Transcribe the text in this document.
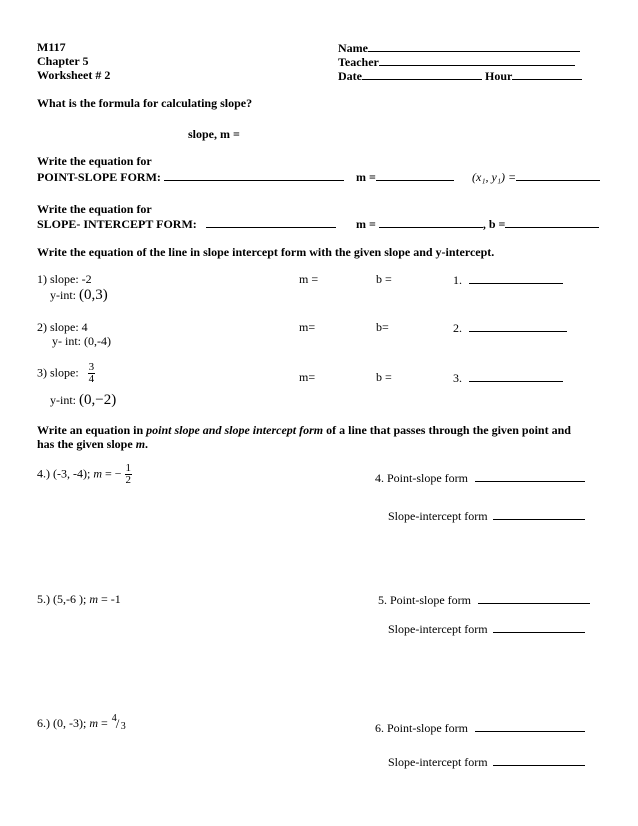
M117
Chapter 5
Worksheet # 2
Name
Teacher
Date	Hour
What is the formula for calculating slope?
slope, m =
Write the equation for
POINT-SLOPE FORM:	m =	(x₁, y₁) =
Write the equation for
SLOPE- INTERCEPT FORM:	m =	, b =
Write the equation of the line in slope intercept form with the given slope and y-intercept.
1) slope: -2
y-int: (0,3)
m =	b =	1.
2) slope: 4
y- int: (0,-4)
m=	b=	2.
3) slope: $\frac{3}{4}$
y-int: (0,−2)
m=	b =	3.
Write an equation in point slope and slope intercept form of a line that passes through the given point and
has the given slope m.
4.) (-3, -4); m = − $\frac{1}{2}$	4. Point-slope form
Slope-intercept form
5.) (5,-6 ); m = -1	5. Point-slope form
Slope-intercept form
6.) (0, -3); m = 4 / 3	6. Point-slope form
Slope-intercept form
